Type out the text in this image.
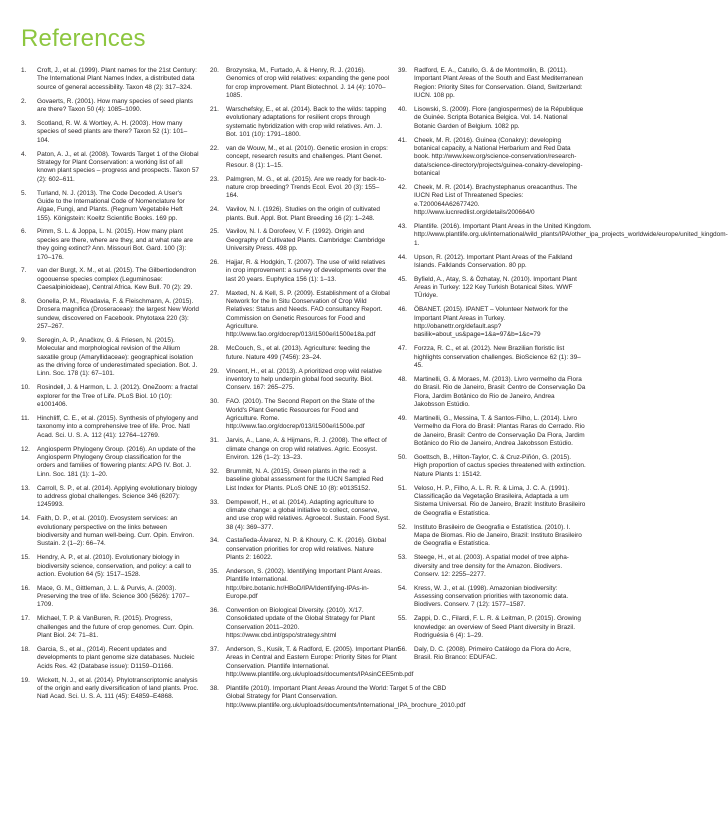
References
1.	Croft, J., et al. (1999). Plant names for the 21st Century: The International Plant Names Index, a distributed data source of general accessibility. Taxon 48 (2): 317–324.
2.	Govaerts, R. (2001). How many species of seed plants are there? Taxon 50 (4): 1085–1090.
3.	Scotland, R. W. & Wortley, A. H. (2003). How many species of seed plants are there? Taxon 52 (1): 101–104.
4.	Paton, A. J., et al. (2008). Towards Target 1 of the Global Strategy for Plant Conservation: a working list of all known plant species – progress and prospects. Taxon 57 (2): 602–611.
5.	Turland, N. J. (2013). The Code Decoded. A User's Guide to the International Code of Nomenclature for Algae, Fungi, and Plants. (Regnum Vegetabile Heft 155). Königstein: Koeltz Scientific Books. 169 pp.
6.	Pimm, S. L. & Joppa, L. N. (2015). How many plant species are there, where are they, and at what rate are they going extinct? Ann. Missouri Bot. Gard. 100 (3): 170–176.
7.	van der Burgt, X. M., et al. (2015). The Gilbertiodendron ogoouense species complex (Leguminosae: Caesalpinioideae), Central Africa. Kew Bull. 70 (2): 29.
8.	Gonella, P. M., Rivadavia, F. & Fleischmann, A. (2015). Drosera magnifica (Droseraceae): the largest New World sundew, discovered on Facebook. Phytotaxa 220 (3): 257–267.
9.	Seregin, A. P., Anačkov, G. & Friesen, N. (2015). Molecular and morphological revision of the Allium saxatile group (Amaryllidaceae): geographical isolation as the driving force of underestimated speciation. Bot. J. Linn. Soc. 178 (1): 67–101.
10.	Rosindell, J. & Harmon, L. J. (2012). OneZoom: a fractal explorer for the Tree of Life. PLoS Biol. 10 (10): e1001406.
11.	Hinchliff, C. E., et al. (2015). Synthesis of phylogeny and taxonomy into a comprehensive tree of life. Proc. Natl Acad. Sci. U. S. A. 112 (41): 12764–12769.
12.	Angiosperm Phylogeny Group. (2016). An update of the Angiosperm Phylogeny Group classification for the orders and families of flowering plants: APG IV. Bot. J. Linn. Soc. 181 (1): 1–20.
13.	Carroll, S. P., et al. (2014). Applying evolutionary biology to address global challenges. Science 346 (6207): 1245993.
14.	Faith, D. P., et al. (2010). Evosystem services: an evolutionary perspective on the links between biodiversity and human well-being. Curr. Opin. Environ. Sustain. 2 (1–2): 66–74.
15.	Hendry, A. P., et al. (2010). Evolutionary biology in biodiversity science, conservation, and policy: a call to action. Evolution 64 (5): 1517–1528.
16.	Mace, G. M., Gittleman, J. L. & Purvis, A. (2003). Preserving the tree of life. Science 300 (5626): 1707–1709.
17.	Michael, T. P. & VanBuren, R. (2015). Progress, challenges and the future of crop genomes. Curr. Opin. Plant Biol. 24: 71–81.
18.	Garcia, S., et al., (2014). Recent updates and developments to plant genome size databases. Nucleic Acids Res. 42 (Database issue): D1159–D1166.
19.	Wickett, N. J., et al. (2014). Phylotranscriptomic analysis of the origin and early diversification of land plants. Proc. Natl Acad. Sci. U. S. A. 111 (45): E4859–E4868.
20.	Brozynska, M., Furtado, A. & Henry, R. J. (2016). Genomics of crop wild relatives: expanding the gene pool for crop improvement. Plant Biotechnol. J. 14 (4): 1070–1085.
21.	Warschefsky, E., et al. (2014). Back to the wilds: tapping evolutionary adaptations for resilient crops through systematic hybridization with crop wild relatives. Am. J. Bot. 101 (10): 1791–1800.
22.	van de Wouw, M., et al. (2010). Genetic erosion in crops: concept, research results and challenges. Plant Genet. Resour. 8 (1): 1–15.
23.	Palmgren, M. G., et al. (2015). Are we ready for back-to-nature crop breeding? Trends Ecol. Evol. 20 (3): 155–164.
24.	Vavilov, N. I. (1926). Studies on the origin of cultivated plants. Bull. Appl. Bot. Plant Breeding 16 (2): 1–248.
25.	Vavilov, N. I. & Dorofeev, V. F. (1992). Origin and Geography of Cultivated Plants. Cambridge: Cambridge University Press. 498 pp.
26.	Hajjar, R. & Hodgkin, T. (2007). The use of wild relatives in crop improvement: a survey of developments over the last 20 years. Euphytica 156 (1): 1–13.
27.	Maxted, N. & Kell, S. P. (2009). Establishment of a Global Network for the In Situ Conservation of Crop Wild Relatives: Status and Needs. FAO consultancy Report. Commission on Genetic Resources for Food and Agriculture. http://www.fao.org/docrep/013/i1500e/i1500e18a.pdf
28.	McCouch, S., et al. (2013). Agriculture: feeding the future. Nature 499 (7456): 23–24.
29.	Vincent, H., et al. (2013). A prioritized crop wild relative inventory to help underpin global food security. Biol. Conserv. 167: 265–275.
30.	FAO. (2010). The Second Report on the State of the World's Plant Genetic Resources for Food and Agriculture. Rome. http://www.fao.org/docrep/013/i1500e/i1500e.pdf
31.	Jarvis, A., Lane, A. & Hijmans, R. J. (2008). The effect of climate change on crop wild relatives. Agric. Ecosyst. Environ. 126 (1–2): 13–23.
32.	Brummitt, N. A. (2015). Green plants in the red: a baseline global assessment for the IUCN Sampled Red List Index for Plants. PLoS ONE 10 (8): e0135152.
33.	Dempewolf, H., et al. (2014). Adapting agriculture to climate change: a global initiative to collect, conserve, and use crop wild relatives. Agroecol. Sustain. Food Syst. 38 (4): 369–377.
34.	Castañeda-Álvarez, N. P. & Khoury, C. K. (2016). Global conservation priorities for crop wild relatives. Nature Plants 2: 16022.
35.	Anderson, S. (2002). Identifying Important Plant Areas. Plantlife International. http://birc.botanic.hr/HBoD/IPA/Identifying-IPAs-in-Europe.pdf
36.	Convention on Biological Diversity. (2010). X/17. Consolidated update of the Global Strategy for Plant Conservation 2011–2020. https://www.cbd.int/gspc/strategy.shtml
37.	Anderson, S., Kusik, T. & Radford, E. (2005). Important Plant Areas in Central and Eastern Europe: Priority Sites for Plant Conservation. Plantlife International. http://www.plantlife.org.uk/uploads/documents/IPAsinCEE5mb.pdf
38.	Plantlife (2010). Important Plant Areas Around the World: Target 5 of the CBD Global Strategy for Plant Conservation. http://www.plantlife.org.uk/uploads/documents/International_IPA_brochure_2010.pdf
39.	Radford, E. A., Catullo, G. & de Montmollin, B. (2011). Important Plant Areas of the South and East Mediterranean Region: Priority Sites for Conservation. Gland, Switzerland: IUCN. 108 pp.
40.	Lisowski, S. (2009). Flore (angiospermes) de la République de Guinée. Scripta Botanica Belgica. Vol. 14. National Botanic Garden of Belgium. 1082 pp.
41.	Cheek, M. R. (2016). Guinea (Conakry): developing botanical capacity, a National Herbarium and Red Data book. http://www.kew.org/science-conservation/research-data/science-directory/projects/guinea-conakry-developing-botanical
42.	Cheek, M. R. (2014). Brachystephanus oreacanthus. The IUCN Red List of Threatened Species: e.T200064A62677420. http://www.iucnredlist.org/details/200664/0
43.	Plantlife. (2016). Important Plant Areas in the United Kingdom. http://www.plantlife.org.uk/international/wild_plants/IPA/other_ipa_projects_worldwide/europe/united_kingdom-1.
44.	Upson, R. (2012). Important Plant Areas of the Falkland Islands. Falklands Conservation. 80 pp.
45.	Byfield, A., Atay, S. & Özhatay, N. (2010). Important Plant Areas in Turkey: 122 Key Turkish Botanical Sites. WWF TÜrkiye.
46.	ÖBANET. (2015). IPANET – Volunteer Network for the Important Plant Areas in Turkey. http://obanettr.org/default.asp?basilik=about_us&page=1&a=97&b=1&c=79
47.	Forzza, R. C., et al. (2012). New Brazilian floristic list highlights conservation challenges. BioScience 62 (1): 39–45.
48.	Martinelli, G. & Moraes, M. (2013). Livro vermelho da Flora do Brasil. Rio de Janeiro, Brasil: Centro de Conservação Da Flora, Jardim Botânico do Rio de Janeiro, Andrea Jakobsson Estúdio.
49.	Martinelli, G., Messina, T. & Santos-Filho, L. (2014). Livro Vermelho da Flora do Brasil: Plantas Raras do Cerrado. Rio de Janeiro, Brasil: Centro de Conservação Da Flora, Jardim Botânico do Rio de Janeiro, Andrea Jakobsson Estúdio.
50.	Goettsch, B., Hilton-Taylor, C. & Cruz-Piñón, G. (2015). High proportion of cactus species threatened with extinction. Nature Plants 1: 15142.
51.	Veloso, H. P., Filho, A. L. R. R. & Lima, J. C. A. (1991). Classificação da Vegetação Brasileira, Adaptada a um Sistema Universal. Rio de Janeiro, Brazil: Instituto Brasileiro de Geografia e Estatística.
52.	Instituto Brasileiro de Geografia e Estatística. (2010). I. Mapa de Biomas. Rio de Janeiro, Brazil: Instituto Brasileiro de Geografia e Estatística.
53.	Steege, H., et al. (2003). A spatial model of tree alpha-diversity and tree density for the Amazon. Biodivers. Conserv. 12: 2255–2277.
54.	Kress, W. J., et al. (1998). Amazonian biodiversity: Assessing conservation priorities with taxonomic data. Biodivers. Conserv. 7 (12): 1577–1587.
55.	Zappi, D. C., Filardi, F. L. R. & Leitman, P. (2015). Growing knowledge: an overview of Seed Plant diversity in Brazil. Rodriguésia 6 (4): 1–29.
56.	Daly, D. C. (2008). Primeiro Catálogo da Flora do Acre, Brasil. Rio Branco: EDUFAC.
